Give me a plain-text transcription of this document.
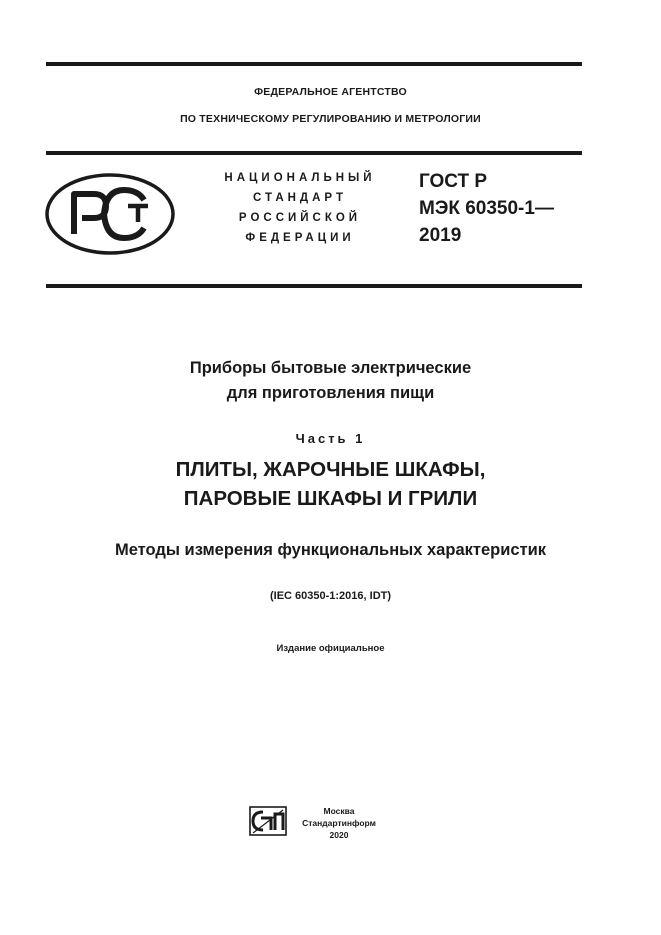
ФЕДЕРАЛЬНОЕ АГЕНТСТВО
ПО ТЕХНИЧЕСКОМУ РЕГУЛИРОВАНИЮ И МЕТРОЛОГИИ
НАЦИОНАЛЬНЫЙ
СТАНДАРТ
РОССИЙСКОЙ
ФЕДЕРАЦИИ
ГОСТ Р
МЭК 60350-1—
2019
Приборы бытовые электрические
для приготовления пищи
Часть 1
ПЛИТЫ, ЖАРОЧНЫЕ ШКАФЫ,
ПАРОВЫЕ ШКАФЫ И ГРИЛИ
Методы измерения функциональных характеристик
(IEC 60350-1:2016, IDT)
Издание официальное
Москва
Стандартинформ
2020
